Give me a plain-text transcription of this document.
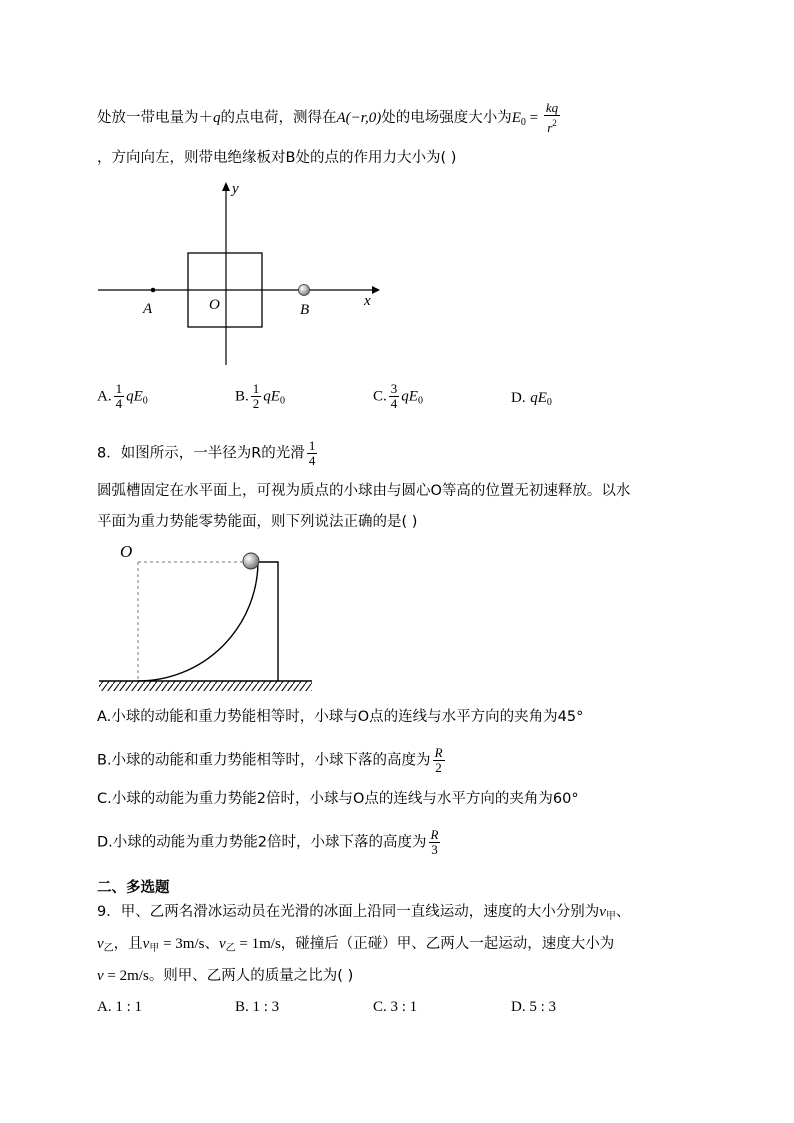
处放一带电量为＋q的点电荷，测得在A(−r,0)处的电场强度大小为$E_0 = \frac{kq}{r^2}$
，方向向左，则带电绝缘板对B处的点的作用力大小为( )
y
x
A	O	B
A. $\frac{1}{4} qE_0$	B. $\frac{1}{2} qE_0$	C. $\frac{3}{4} qE_0$	D. $qE_0$
8．如图所示，一半径为R的光滑 $\frac{1}{4}$
圆弧槽固定在水平面上，可视为质点的小球由与圆心O等高的位置无初速释放。以水
平面为重力势能零势能面，则下列说法正确的是( )
O
A.小球的动能和重力势能相等时，小球与O点的连线与水平方向的夹角为45°
B.小球的动能和重力势能相等时，小球下落的高度为 $\frac{R}{2}$
C.小球的动能为重力势能2倍时，小球与O点的连线与水平方向的夹角为60°
D.小球的动能为重力势能2倍时，小球下落的高度为 $\frac{R}{3}$
二、多选题
9．甲、乙两名滑冰运动员在光滑的冰面上沿同一直线运动，速度的大小分别为$v_甲$、
$v_乙$，且$v_甲 = 3m/s$、$v_乙 = 1m/s$，碰撞后（正碰）甲、乙两人一起运动，速度大小为
v = 2m/s。则甲、乙两人的质量之比为( )
A. 1 : 1	B. 1 : 3	C. 3 : 1	D. 5 : 3
